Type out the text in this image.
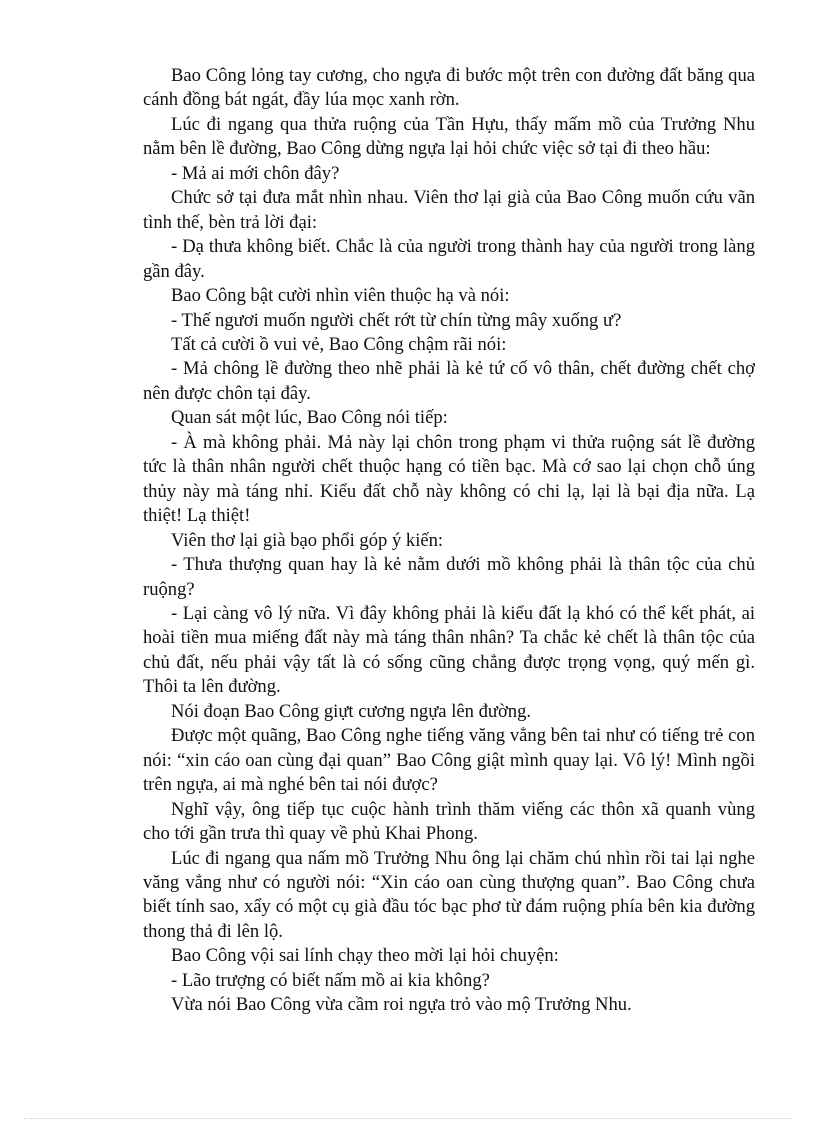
Bao Công lỏng tay cương, cho ngựa đi bước một trên con đường đất băng qua cánh đồng bát ngát, đầy lúa mọc xanh rờn.

Lúc đi ngang qua thửa ruộng của Tần Hựu, thấy mấm mồ của Trưởng Nhu nằm bên lề đường, Bao Công dừng ngựa lại hỏi chức việc sở tại đi theo hầu:

- Mả ai mới chôn đây?

Chức sở tại đưa mắt nhìn nhau. Viên thơ lại già của Bao Công muốn cứu vãn tình thế, bèn trả lời đại:

- Dạ thưa không biết. Chắc là của người trong thành hay của người trong làng gần đây.

Bao Công bật cười nhìn viên thuộc hạ và nói:

- Thế ngươi muốn người chết rớt từ chín từng mây xuống ư?

Tất cả cười ồ vui vẻ, Bao Công chậm rãi nói:

- Mả chông lề đường theo nhẽ phải là kẻ tứ cố vô thân, chết đường chết chợ nên được chôn tại đây.

Quan sát một lúc, Bao Công nói tiếp:

- À mà không phải. Mả này lại chôn trong phạm vi thửa ruộng sát lề đường tức là thân nhân người chết thuộc hạng có tiền bạc. Mà cớ sao lại chọn chỗ úng thủy này mà táng nhỉ. Kiểu đất chỗ này không có chi lạ, lại là bại địa nữa. Lạ thiệt! Lạ thiệt!

Viên thơ lại già bạo phổi góp ý kiến:

- Thưa thượng quan hay là kẻ nằm dưới mồ không phải là thân tộc của chủ ruộng?

- Lại càng vô lý nữa. Vì đây không phải là kiểu đất lạ khó có thể kết phát, ai hoài tiền mua miếng đất này mà táng thân nhân? Ta chắc kẻ chết là thân tộc của chủ đất, nếu phải vậy tất là có sống cũng chẳng được trọng vọng, quý mến gì. Thôi ta lên đường.

Nói đoạn Bao Công giựt cương ngựa lên đường.

Được một quãng, Bao Công nghe tiếng văng vẳng bên tai như có tiếng trẻ con nói: “xin cáo oan cùng đại quan” Bao Công giật mình quay lại. Vô lý! Mình ngồi trên ngựa, ai mà nghé bên tai nói được?

Nghĩ vậy, ông tiếp tục cuộc hành trình thăm viếng các thôn xã quanh vùng cho tới gần trưa thì quay về phủ Khai Phong.

Lúc đi ngang qua nấm mồ Trưởng Nhu ông lại chăm chú nhìn rồi tai lại nghe văng vẳng như có người nói: “Xin cáo oan cùng thượng quan”. Bao Công chưa biết tính sao, xẩy có một cụ già đầu tóc bạc phơ từ đám ruộng phía bên kia đường thong thả đi lên lộ.

Bao Công vội sai lính chạy theo mời lại hỏi chuyện:

- Lão trượng có biết nấm mồ ai kia không?

Vừa nói Bao Công vừa cầm roi ngựa trỏ vào mộ Trưởng Nhu.
